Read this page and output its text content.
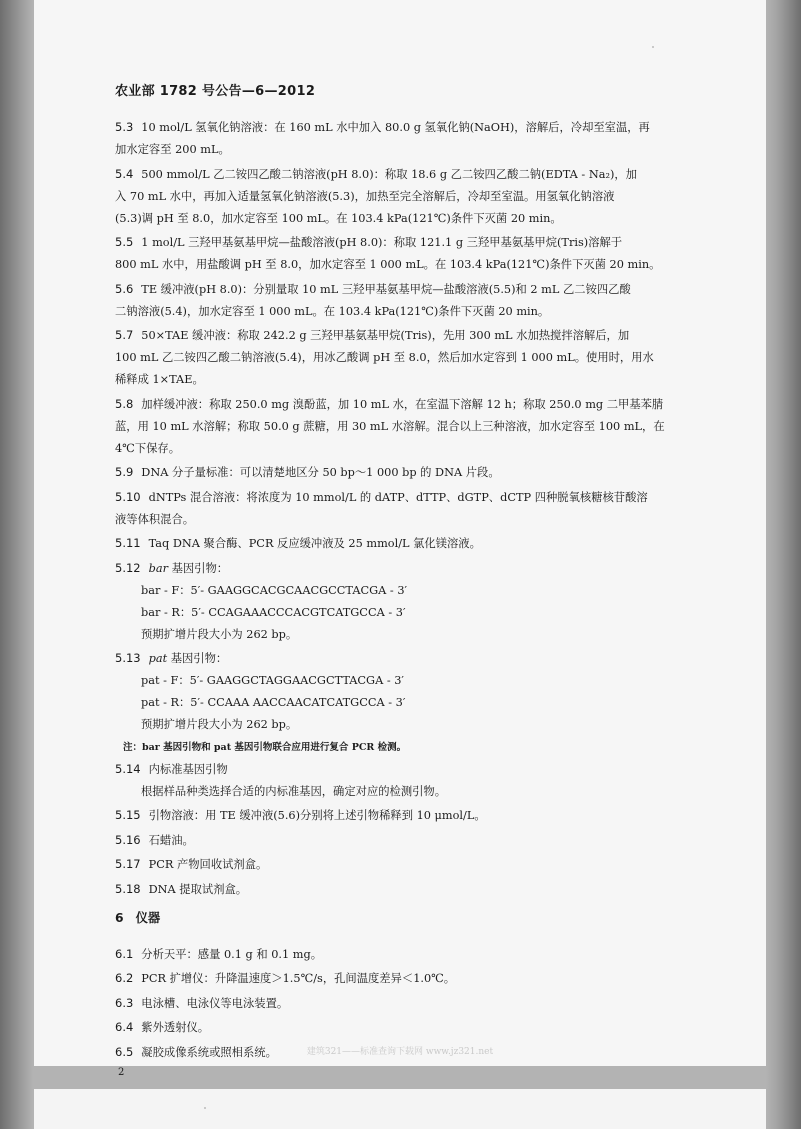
农业部 1782 号公告—6—2012
5.3 10 mol/L 氢氧化钠溶液：在 160 mL 水中加入 80.0 g 氢氧化钠(NaOH)，溶解后，冷却至室温，再
加水定容至 200 mL。
5.4 500 mmol/L 乙二铵四乙酸二钠溶液(pH 8.0)：称取 18.6 g 乙二铵四乙酸二钠(EDTA - Na₂)，加
入 70 mL 水中，再加入适量氢氧化钠溶液(5.3)，加热至完全溶解后，冷却至室温。用氢氧化钠溶液
(5.3)调 pH 至 8.0，加水定容至 100 mL。在 103.4 kPa(121℃)条件下灭菌 20 min。
5.5 1 mol/L 三羟甲基氨基甲烷—盐酸溶液(pH 8.0)：称取 121.1 g 三羟甲基氨基甲烷(Tris)溶解于
800 mL 水中，用盐酸调 pH 至 8.0，加水定容至 1 000 mL。在 103.4 kPa(121℃)条件下灭菌 20 min。
5.6 TE 缓冲液(pH 8.0)：分别量取 10 mL 三羟甲基氨基甲烷—盐酸溶液(5.5)和 2 mL 乙二铵四乙酸
二钠溶液(5.4)，加水定容至 1 000 mL。在 103.4 kPa(121℃)条件下灭菌 20 min。
5.7 50×TAE 缓冲液：称取 242.2 g 三羟甲基氨基甲烷(Tris)，先用 300 mL 水加热搅拌溶解后，加
100 mL 乙二铵四乙酸二钠溶液(5.4)，用冰乙酸调 pH 至 8.0，然后加水定容到 1 000 mL。使用时，用水
稀释成 1×TAE。
5.8 加样缓冲液：称取 250.0 mg 溴酚蓝，加 10 mL 水，在室温下溶解 12 h；称取 250.0 mg 二甲基苯腈
蓝，用 10 mL 水溶解；称取 50.0 g 蔗糖，用 30 mL 水溶解。混合以上三种溶液，加水定容至 100 mL，在
4℃下保存。
5.9 DNA 分子量标准：可以清楚地区分 50 bp～1 000 bp 的 DNA 片段。
5.10 dNTPs 混合溶液：将浓度为 10 mmol/L 的 dATP、dTTP、dGTP、dCTP 四种脱氧核糖核苷酸溶
液等体积混合。
5.11 Taq DNA 聚合酶、PCR 反应缓冲液及 25 mmol/L 氯化镁溶液。
5.12 bar 基因引物：
bar - F：5′- GAAGGCACGCAACGCCTACGA - 3′
bar - R：5′- CCAGAAACCCACGTCATGCCA - 3′
预期扩增片段大小为 262 bp。
5.13 pat 基因引物：
pat - F：5′- GAAGGCTAGGAACGCTTACGA - 3′
pat - R：5′- CCAAA AACCAACATCATGCCA - 3′
预期扩增片段大小为 262 bp。
注：bar 基因引物和 pat 基因引物联合应用进行复合 PCR 检测。
5.14 内标准基因引物
根据样品种类选择合适的内标准基因，确定对应的检测引物。
5.15 引物溶液：用 TE 缓冲液(5.6)分别将上述引物稀释到 10 μmol/L。
5.16 石蜡油。
5.17 PCR 产物回收试剂盒。
5.18 DNA 提取试剂盒。
6 仪器
6.1 分析天平：感量 0.1 g 和 0.1 mg。
6.2 PCR 扩增仪：升降温速度＞1.5℃/s，孔间温度差异＜1.0℃。
6.3 电泳槽、电泳仪等电泳装置。
6.4 紫外透射仪。
6.5 凝胶成像系统或照相系统。
2
建筑321——标准查询下载网 www.jz321.net
